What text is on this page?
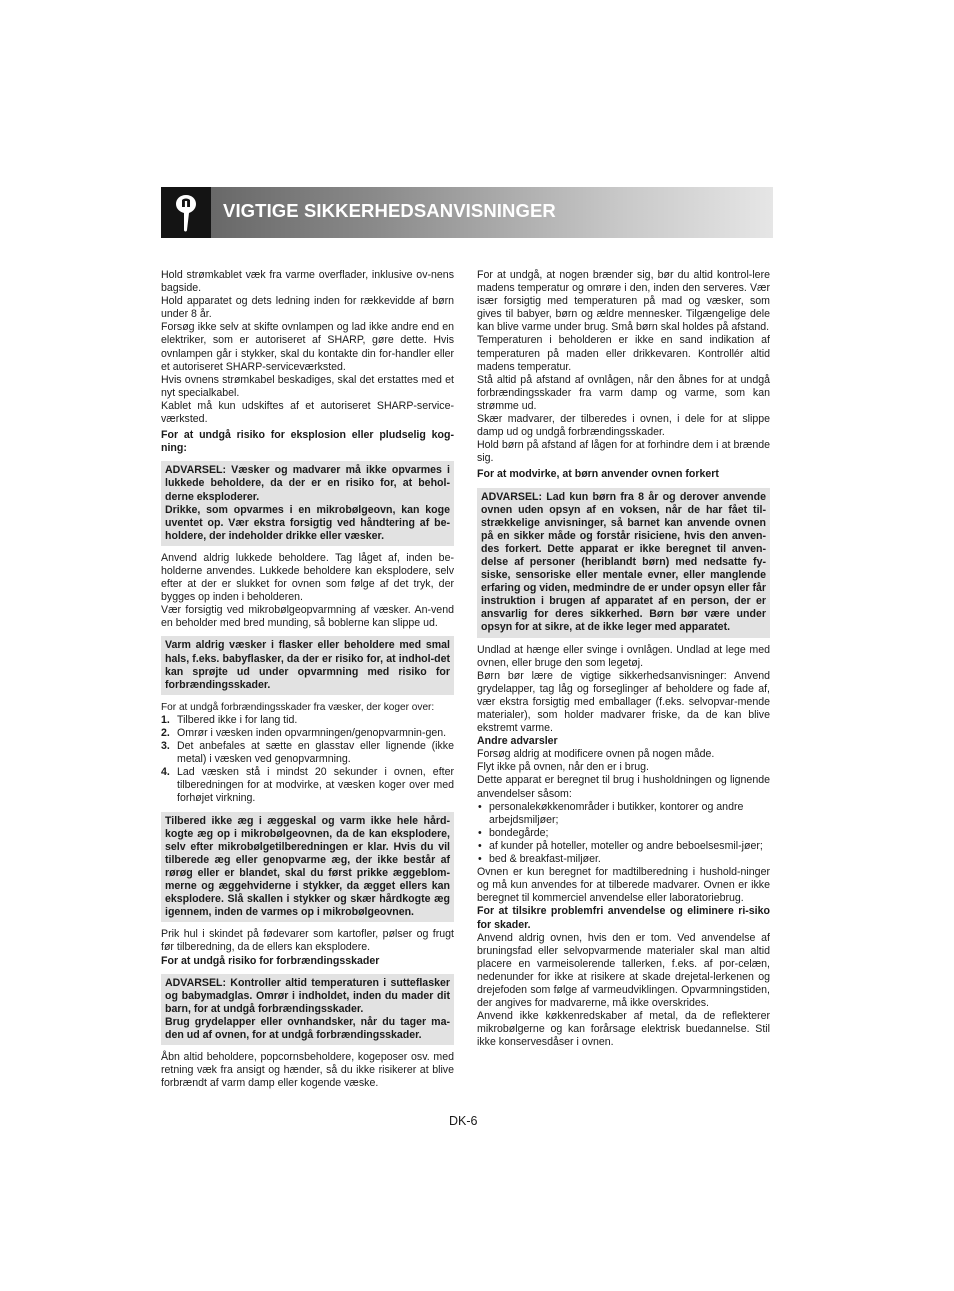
VIGTIGE SIKKERHEDSANVISNINGER

Hold strømkablet væk fra varme overflader, inklusive ov-nens bagside.

Hold apparatet og dets ledning inden for rækkevidde af børn under 8 år.

Forsøg ikke selv at skifte ovnlampen og lad ikke andre end en elektriker, som er autoriseret af SHARP, gøre dette. Hvis ovnlampen går i stykker, skal du kontakte din for-handler eller et autoriseret SHARP-serviceværksted.

Hvis ovnens strømkabel beskadiges, skal det erstattes med et nyt specialkabel.

Kablet må kun udskiftes af et autoriseret SHARP-service-værksted.

For at undgå risiko for eksplosion eller pludselig kog-ning:

ADVARSEL: Væsker og madvarer må ikke opvarmes i lukkede beholdere, da der er en risiko for, at behol-derne eksploderer.

Drikke, som opvarmes i en mikrobølgeovn, kan koge uventet op. Vær ekstra forsigtig ved håndtering af be-holdere, der indeholder drikke eller væsker.

Anvend aldrig lukkede beholdere. Tag låget af, inden be-holderne anvendes. Lukkede beholdere kan eksplodere, selv efter at der er slukket for ovnen som følge af det tryk, der bygges op inden i beholderen.

Vær forsigtig ved mikrobølgeopvarmning af væsker. An-vend en beholder med bred munding, så boblerne kan slippe ud.

Varm aldrig væsker i flasker eller beholdere med smal hals, f.eks. babyflasker, da der er risiko for, at indhol-det kan sprøjte ud under opvarmning med risiko for forbrændingsskader.

For at undgå forbrændingsskader fra væsker, der koger over:

1. Tilbered ikke i for lang tid.
2. Omrør i væsken inden opvarmningen/genopvarmnin-gen.
3. Det anbefales at sætte en glasstav eller lignende (ikke metal) i væsken ved genopvarmning.
4. Lad væsken stå i mindst 20 sekunder i ovnen, efter tilberedningen for at modvirke, at væsken koger over med forhøjet virkning.

Tilbered ikke æg i æggeskal og varm ikke hele hård-kogte æg op i mikrobølgeovnen, da de kan eksplodere, selv efter mikrobølgetilberedningen er klar. Hvis du vil tilberede æg eller genopvarme æg, der ikke består af rørøg eller er blandet, skal du først prikke æggeblom-merne og æggehviderne i stykker, da ægget ellers kan eksplodere. Slå skallen i stykker og skær hårdkogte æg igennem, inden de varmes op i mikrobølgeovnen.

Prik hul i skindet på fødevarer som kartofler, pølser og frugt før tilberedning, da de ellers kan eksplodere.

For at undgå risiko for forbrændingsskader

ADVARSEL: Kontroller altid temperaturen i sutteflasker og babymadglas. Omrør i indholdet, inden du mader dit barn, for at undgå forbrændingsskader.

Brug grydelapper eller ovnhandsker, når du tager ma-den ud af ovnen, for at undgå forbrændingsskader.

Åbn altid beholdere, popcornsbeholdere, kogeposer osv. med retning væk fra ansigt og hænder, så du ikke risikerer at blive forbrændt af varm damp eller kogende væske.

For at undgå, at nogen brænder sig, bør du altid kontrol-lere madens temperatur og omrøre i den, inden den serveres. Vær især forsigtig med temperaturen på mad og væsker, som gives til babyer, børn og ældre mennesker. Tilgængelige dele kan blive varme under brug. Små børn skal holdes på afstand.

Temperaturen i beholderen er ikke en sand indikation af temperaturen på maden eller drikkevaren. Kontrollér altid madens temperatur.

Stå altid på afstand af ovnlågen, når den åbnes for at undgå forbrændingsskader fra varm damp og varme, som kan strømme ud.

Skær madvarer, der tilberedes i ovnen, i dele for at slippe damp ud og undgå forbrændingsskader.

Hold børn på afstand af lågen for at forhindre dem i at brænde sig.

For at modvirke, at børn anvender ovnen forkert

ADVARSEL: Lad kun børn fra 8 år og derover anvende ovnen uden opsyn af en voksen, når de har fået til-strækkelige anvisninger, så barnet kan anvende ovnen på en sikker måde og forstår risiciene, hvis den anven-des forkert. Dette apparat er ikke beregnet til anven-delse af personer (heriblandt børn) med nedsatte fy-siske, sensoriske eller mentale evner, eller manglende erfaring og viden, medmindre de er under opsyn eller får instruktion i brugen af apparatet af en person, der er ansvarlig for deres sikkerhed. Børn bør være under opsyn for at sikre, at de ikke leger med apparatet.

Undlad at hænge eller svinge i ovnlågen. Undlad at lege med ovnen, eller bruge den som legetøj.

Børn bør lære de vigtige sikkerhedsanvisninger: Anvend grydelapper, tag låg og forseglinger af beholdere og fade af, vær ekstra forsigtig med emballager (f.eks. selvopvar-mende materialer), som holder madvarer friske, da de kan blive ekstremt varme.

Andre advarsler

Forsøg aldrig at modificere ovnen på nogen måde.

Flyt ikke på ovnen, når den er i brug.

Dette apparat er beregnet til brug i husholdningen og lignende anvendelser såsom:

• personalekøkkenområder i butikker, kontorer og andre arbejdsmiljøer;
• bondegårde;
• af kunder på hoteller, moteller og andre beboelsesmil-jøer;
• bed & breakfast-miljøer.

Ovnen er kun beregnet for madtilberedning i hushold-ninger og må kun anvendes for at tilberede madvarer. Ovnen er ikke beregnet til kommerciel anvendelse eller laboratoriebrug.

For at tilsikre problemfri anvendelse og eliminere ri-siko for skader.

Anvend aldrig ovnen, hvis den er tom. Ved anvendelse af bruningsfad eller selvopvarmende materialer skal man altid placere en varmeisolerende tallerken, f.eks. af por-celæn, nedenunder for ikke at risikere at skade drejetal-lerkenen og drejefoden som følge af varmeudviklingen. Opvarmningstiden, der angives for madvarerne, må ikke overskrides.

Anvend ikke køkkenredskaber af metal, da de reflekterer mikrobølgerne og kan forårsage elektrisk buedannelse. Stil ikke konservesdåser i ovnen.

DK-6
